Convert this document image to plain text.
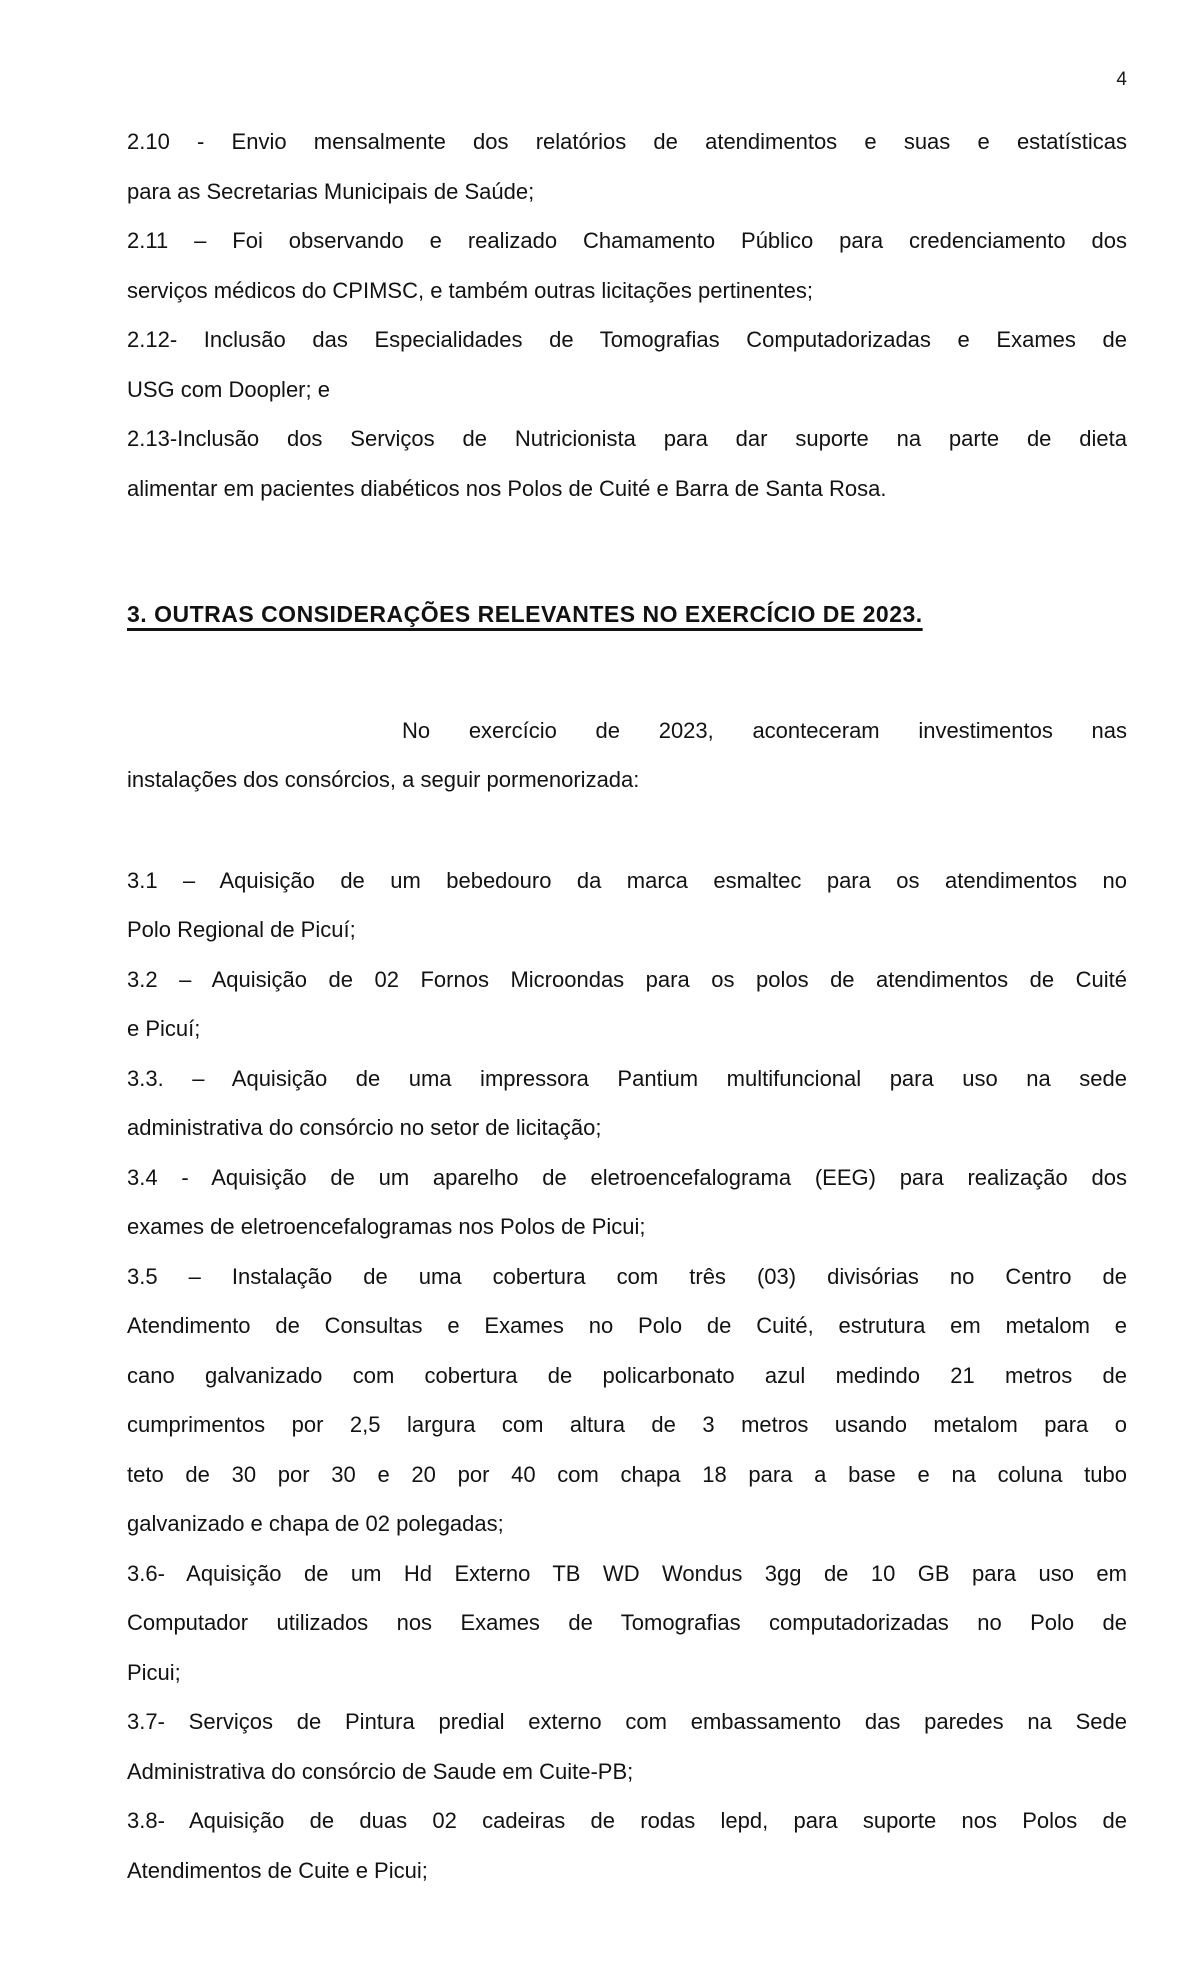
4
2.10 - Envio mensalmente dos relatórios de atendimentos e suas e estatísticas
para as Secretarias Municipais de Saúde;
2.11 – Foi observando e realizado Chamamento Público para credenciamento dos
serviços médicos do CPIMSC, e também outras licitações pertinentes;
2.12- Inclusão das Especialidades de Tomografias Computadorizadas e Exames de
USG com Doopler; e
2.13-Inclusão dos Serviços de Nutricionista para dar suporte na parte de dieta
alimentar em pacientes diabéticos nos Polos de Cuité e Barra de Santa Rosa.
3. OUTRAS CONSIDERAÇÕES RELEVANTES NO EXERCÍCIO DE 2023.
No exercício de 2023, aconteceram investimentos nas
instalações dos consórcios, a seguir pormenorizada:
3.1 – Aquisição de um bebedouro da marca esmaltec para os atendimentos no
Polo Regional de Picuí;
3.2 – Aquisição de 02 Fornos Microondas para os polos de atendimentos de Cuité
e Picuí;
3.3. – Aquisição de uma impressora Pantium multifuncional para uso na sede
administrativa do consórcio no setor de licitação;
3.4 - Aquisição de um aparelho de eletroencefalograma (EEG) para realização dos
exames de eletroencefalogramas nos Polos de Picui;
3.5 – Instalação de uma cobertura com três (03) divisórias no Centro de
Atendimento de Consultas e Exames no Polo de Cuité, estrutura em metalom e
cano galvanizado com cobertura de policarbonato azul medindo 21 metros de
cumprimentos por 2,5 largura com altura de 3 metros usando metalom para o
teto de 30 por 30 e 20 por 40 com chapa 18 para a base e na coluna tubo
galvanizado e chapa de 02 polegadas;
3.6- Aquisição de um Hd Externo TB WD Wondus 3gg de 10 GB para uso em
Computador utilizados nos Exames de Tomografias computadorizadas no Polo de
Picui;
3.7- Serviços de Pintura predial externo com embassamento das paredes na Sede
Administrativa do consórcio de Saude em Cuite-PB;
3.8- Aquisição de duas 02 cadeiras de rodas lepd, para suporte nos Polos de
Atendimentos de Cuite e Picui;
